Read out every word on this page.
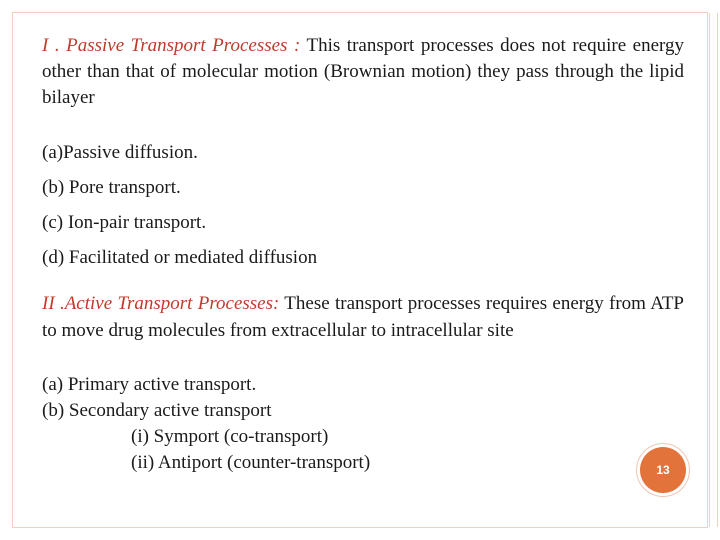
I . Passive Transport Processes : This transport processes does not require energy other than that of molecular motion (Brownian motion) they pass through the lipid bilayer

(a)Passive diffusion.
(b) Pore transport.
(c) Ion-pair transport.
(d) Facilitated or mediated diffusion

II .Active Transport Processes: These transport processes requires energy from ATP to move drug molecules from extracellular to intracellular site

(a) Primary active transport.
(b) Secondary active transport
(i) Symport (co-transport)
(ii) Antiport (counter-transport)	13
